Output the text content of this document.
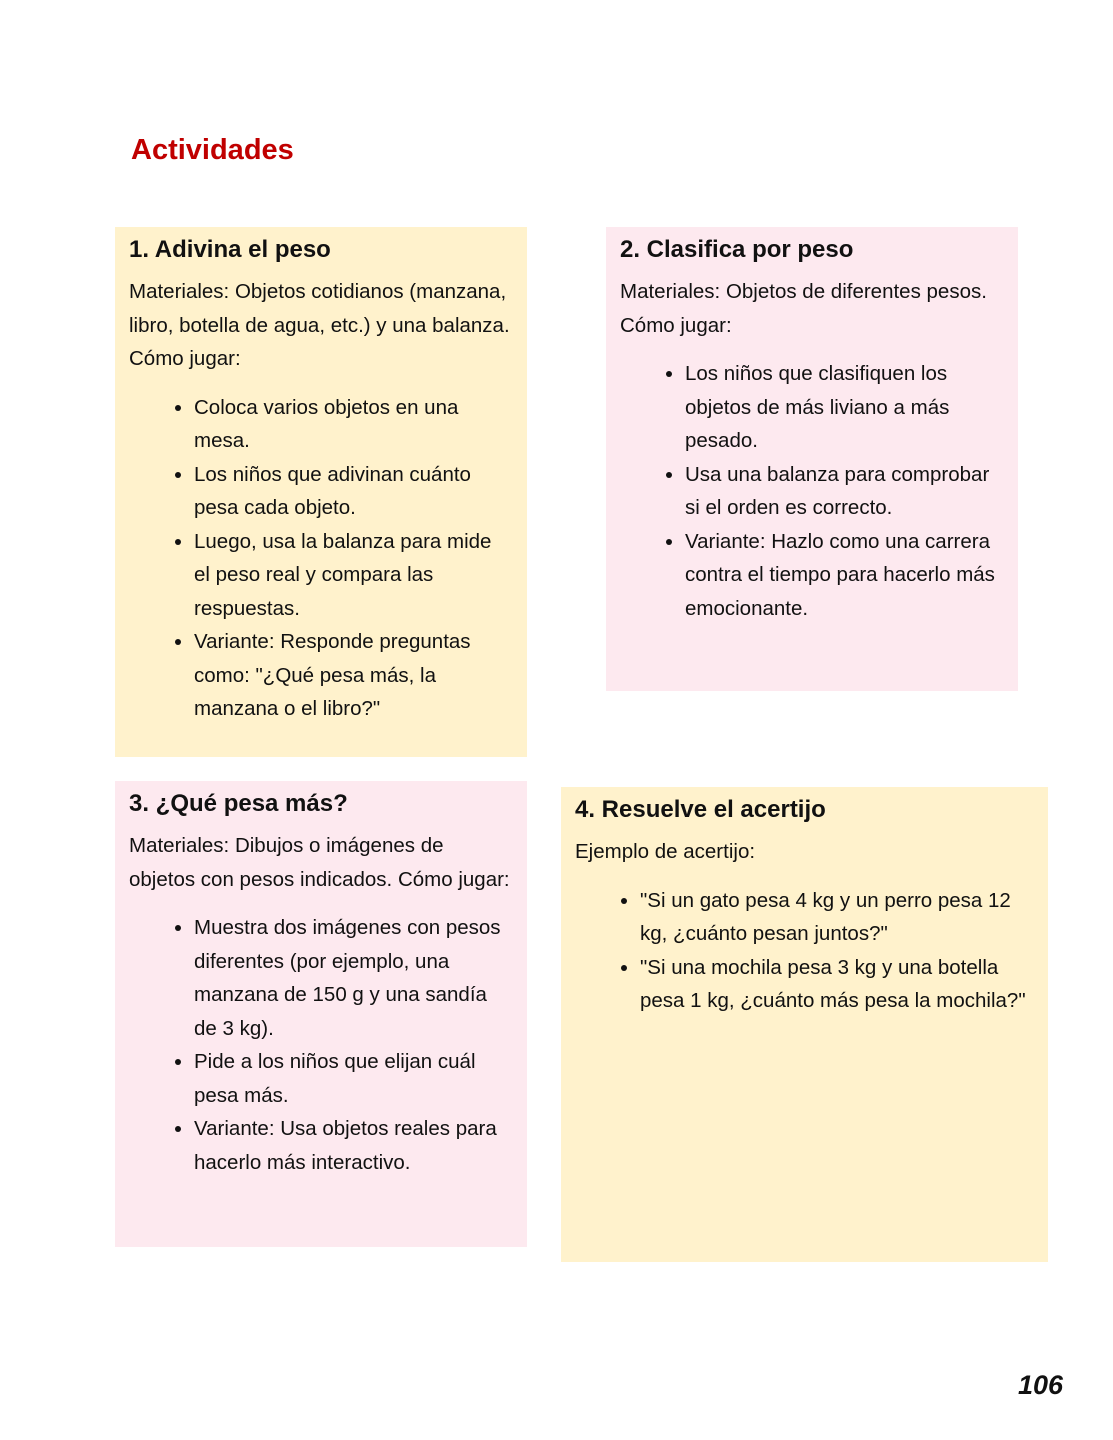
Actividades
1. Adivina el peso

Materiales: Objetos cotidianos (manzana, libro, botella de agua, etc.) y una balanza. Cómo jugar:

• Coloca varios objetos en una mesa.
• Los niños que adivinan cuánto pesa cada objeto.
• Luego, usa la balanza para mide el peso real y compara las respuestas.
• Variante: Responde preguntas como: "¿Qué pesa más, la manzana o el libro?"
2. Clasifica por peso

Materiales: Objetos de diferentes pesos. Cómo jugar:

• Los niños que clasifiquen los objetos de más liviano a más pesado.
• Usa una balanza para comprobar si el orden es correcto.
• Variante: Hazlo como una carrera contra el tiempo para hacerlo más emocionante.
3. ¿Qué pesa más?

Materiales: Dibujos o imágenes de objetos con pesos indicados. Cómo jugar:

• Muestra dos imágenes con pesos diferentes (por ejemplo, una manzana de 150 g y una sandía de 3 kg).
• Pide a los niños que elijan cuál pesa más.
• Variante: Usa objetos reales para hacerlo más interactivo.
4. Resuelve el acertijo

Ejemplo de acertijo:

• "Si un gato pesa 4 kg y un perro pesa 12 kg, ¿cuánto pesan juntos?"
• "Si una mochila pesa 3 kg y una botella pesa 1 kg, ¿cuánto más pesa la mochila?"
106
